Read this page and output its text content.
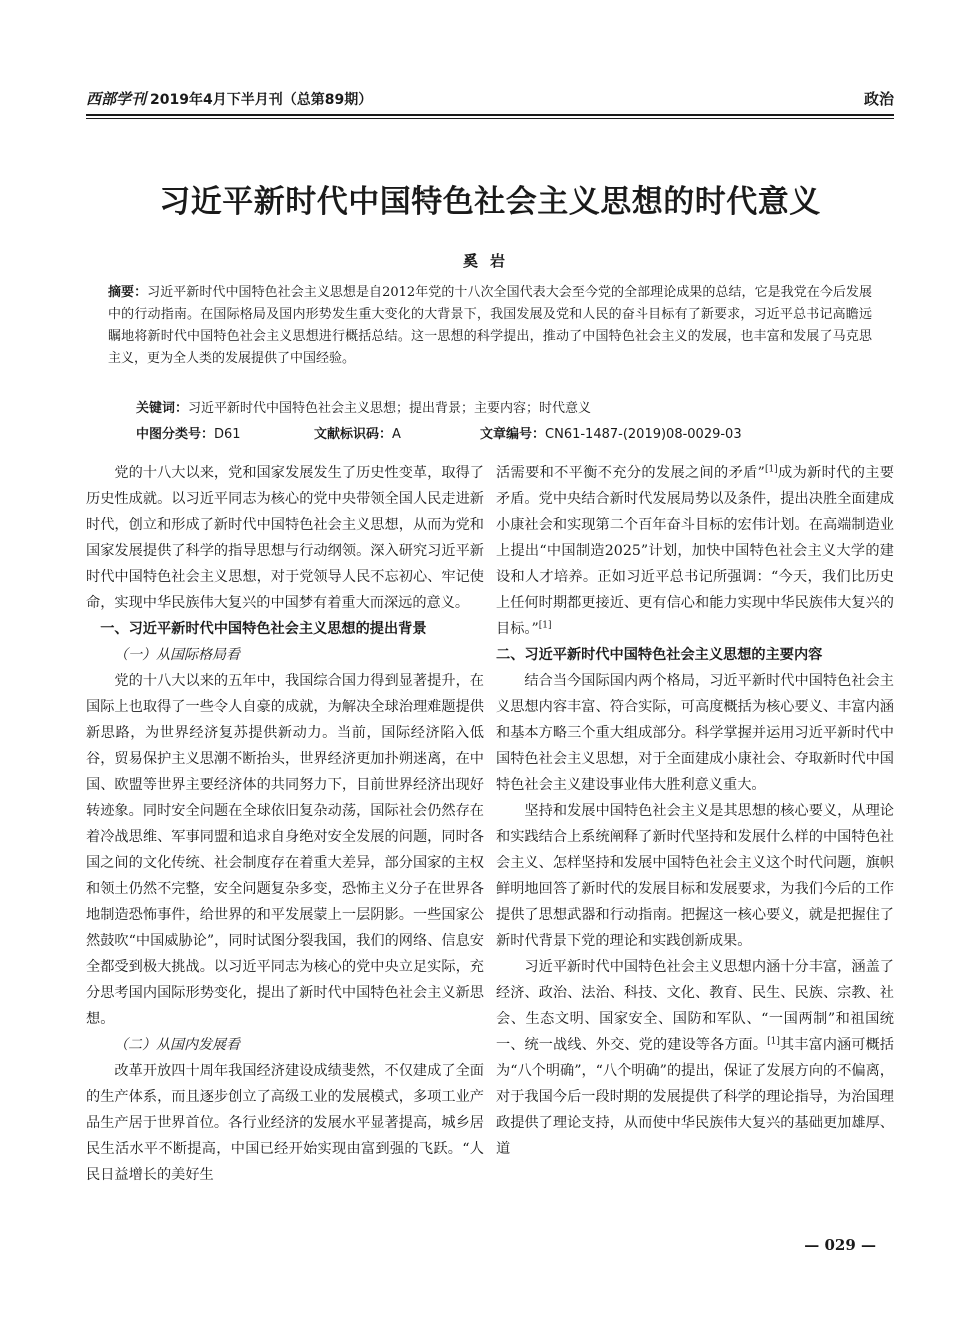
西部学刊 2019年4月下半月刊（总第89期）	政治
习近平新时代中国特色社会主义思想的时代意义
奚岩
摘要：习近平新时代中国特色社会主义思想是自2012年党的十八次全国代表大会至今党的全部理论成果的总结，它是我党在今后发展中的行动指南。在国际格局及国内形势发生重大变化的大背景下，我国发展及党和人民的奋斗目标有了新要求，习近平总书记高瞻远瞩地将新时代中国特色社会主义思想进行概括总结。这一思想的科学提出，推动了中国特色社会主义的发展，也丰富和发展了马克思主义，更为全人类的发展提供了中国经验。
关键词：习近平新时代中国特色社会主义思想；提出背景；主要内容；时代意义
中图分类号：D61	文献标识码：A	文章编号：CN61-1487-(2019)08-0029-03

党的十八大以来，党和国家发展发生了历史性变革，取得了历史性成就。以习近平同志为核心的党中央带领全国人民走进新时代，创立和形成了新时代中国特色社会主义思想，从而为党和国家发展提供了科学的指导思想与行动纲领。深入研究习近平新时代中国特色社会主义思想，对于党领导人民不忘初心、牢记使命，实现中华民族伟大复兴的中国梦有着重大而深远的意义。

一、习近平新时代中国特色社会主义思想的提出背景
（一）从国际格局看

党的十八大以来的五年中，我国综合国力得到显著提升，在国际上也取得了一些令人自豪的成就，为解决全球治理难题提供新思路，为世界经济复苏提供新动力。当前，国际经济陷入低谷，贸易保护主义思潮不断抬头，世界经济更加扑朔迷离，在中国、欧盟等世界主要经济体的共同努力下，目前世界经济出现好转迹象。同时安全问题在全球依旧复杂动荡，国际社会仍然存在着冷战思维、军事同盟和追求自身绝对安全发展的问题，同时各国之间的文化传统、社会制度存在着重大差异，部分国家的主权和领土仍然不完整，安全问题复杂多变，恐怖主义分子在世界各地制造恐怖事件，给世界的和平发展蒙上一层阴影。一些国家公然鼓吹“中国威胁论”，同时试图分裂我国，我们的网络、信息安全都受到极大挑战。以习近平同志为核心的党中央立足实际，充分思考国内国际形势变化，提出了新时代中国特色社会主义新思想。

（二）从国内发展看

改革开放四十周年我国经济建设成绩斐然，不仅建成了全面的生产体系，而且逐步创立了高级工业的发展模式，多项工业产品生产居于世界首位。各行业经济的发展水平显著提高，城乡居民生活水平不断提高，中国已经开始实现由富到强的飞跃。“人民日益增长的美好生

活需要和不平衡不充分的发展之间的矛盾”[1]成为新时代的主要矛盾。党中央结合新时代发展局势以及条件，提出决胜全面建成小康社会和实现第二个百年奋斗目标的宏伟计划。在高端制造业上提出“中国制造2025”计划，加快中国特色社会主义大学的建设和人才培养。正如习近平总书记所强调：“今天，我们比历史上任何时期都更接近、更有信心和能力实现中华民族伟大复兴的目标。”[1]

二、习近平新时代中国特色社会主义思想的主要内容

结合当今国际国内两个格局，习近平新时代中国特色社会主义思想内容丰富、符合实际，可高度概括为核心要义、丰富内涵和基本方略三个重大组成部分。科学掌握并运用习近平新时代中国特色社会主义思想，对于全面建成小康社会、夺取新时代中国特色社会主义建设事业伟大胜利意义重大。

坚持和发展中国特色社会主义是其思想的核心要义，从理论和实践结合上系统阐释了新时代坚持和发展什么样的中国特色社会主义、怎样坚持和发展中国特色社会主义这个时代问题，旗帜鲜明地回答了新时代的发展目标和发展要求，为我们今后的工作提供了思想武器和行动指南。把握这一核心要义，就是把握住了新时代背景下党的理论和实践创新成果。

习近平新时代中国特色社会主义思想内涵十分丰富，涵盖了经济、政治、法治、科技、文化、教育、民生、民族、宗教、社会、生态文明、国家安全、国防和军队、“一国两制”和祖国统一、统一战线、外交、党的建设等各方面。[1]其丰富内涵可概括为“八个明确”，“八个明确”的提出，保证了发展方向的不偏离，对于我国今后一段时期的发展提供了科学的理论指导，为治国理政提供了理论支持，从而使中华民族伟大复兴的基础更加雄厚、道

— 029 —
